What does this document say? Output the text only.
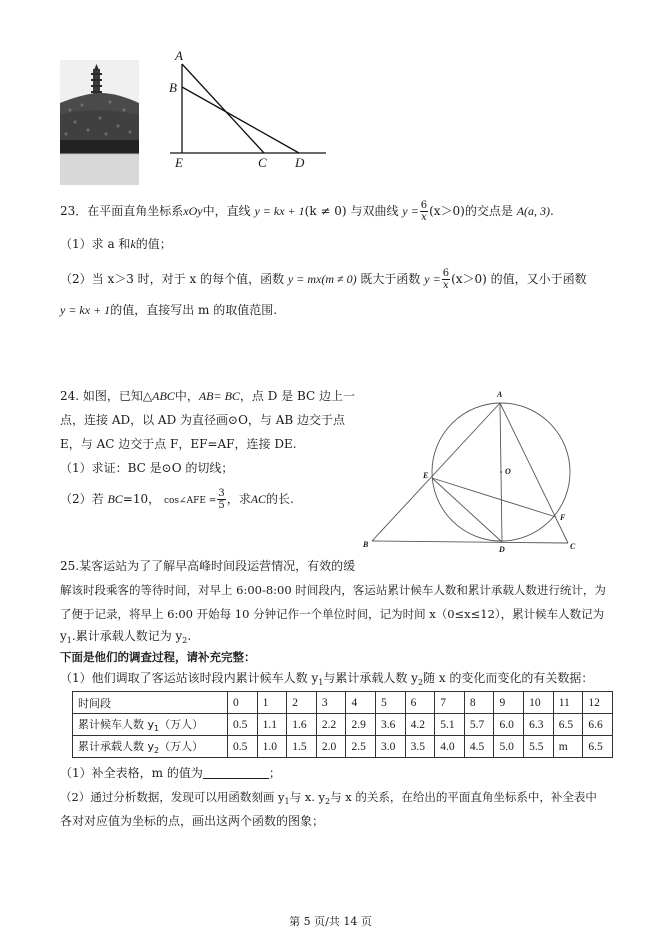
A
B
E	C D
23．在平面直角坐标系xOy中，直线 y = kx + 1(k ≠ 0) 与双曲线 $y = \frac{6}{x} (x>0)$的交点是 A(a, 3).
（1）求 a 和k的值；
（2）当 x＞3 时，对于 x 的每个值，函数 y = mx(m ≠ 0) 既大于函数 $y = \frac{6}{x} (x>0)$ 的值，又小于函数
y = kx + 1的值，直接写出 m 的取值范围.
24. 如图，已知△ABC中，AB= BC，点 D 是 BC 边上一
点，连接 AD，以 AD 为直径画⊙O，与 AB 边交于点
E，与 AC 边交于点 F，EF=AF，连接 DE.
（1）求证：BC 是⊙O 的切线；
（2）若 BC=10， cos∠AFE = $\frac{3}{5}$ ，求AC的长.
A
B	C
D
E
F
O
25.某客运站为了了解早高峰时间段运营情况，有效的缓
解该时段乘客的等待时间，对早上 6:00-8:00 时间段内，客运站累计候车人数和累计承载人数进行统计，为
了便于记录，将早上 6:00 开始每 10 分钟记作一个单位时间，记为时间 x（0≤x≤12），累计候车人数记为
$y_1$.累计承载人数记为 $y_2$.
下面是他们的调查过程，请补充完整：
（1）他们调取了客运站该时段内累计候车人数 $y_1$与累计承载人数 $y_2$随 x 的变化而变化的有关数据：
时间段	0	1	2	3	4	5	6	7	8	9	10	11	12
累计候车人数 $y_1$（万人）	0.5	1.1	1.6	2.2	2.9	3.6	4.2	5.1	5.7	6.0	6.3	6.5	6.6
累计承载人数 $y_2$（万人）	0.5	1.0	1.5	2.0	2.5	3.0	3.5	4.0	4.5	5.0	5.5	m	6.5
（1）补全表格，m 的值为	；
（2）通过分析数据，发现可以用函数刻画 $y_1$与 x. $y_2$与 x 的关系，在给出的平面直角坐标系中，补全表中
各对对应值为坐标的点，画出这两个函数的图象；
第 5 页/共 14 页
